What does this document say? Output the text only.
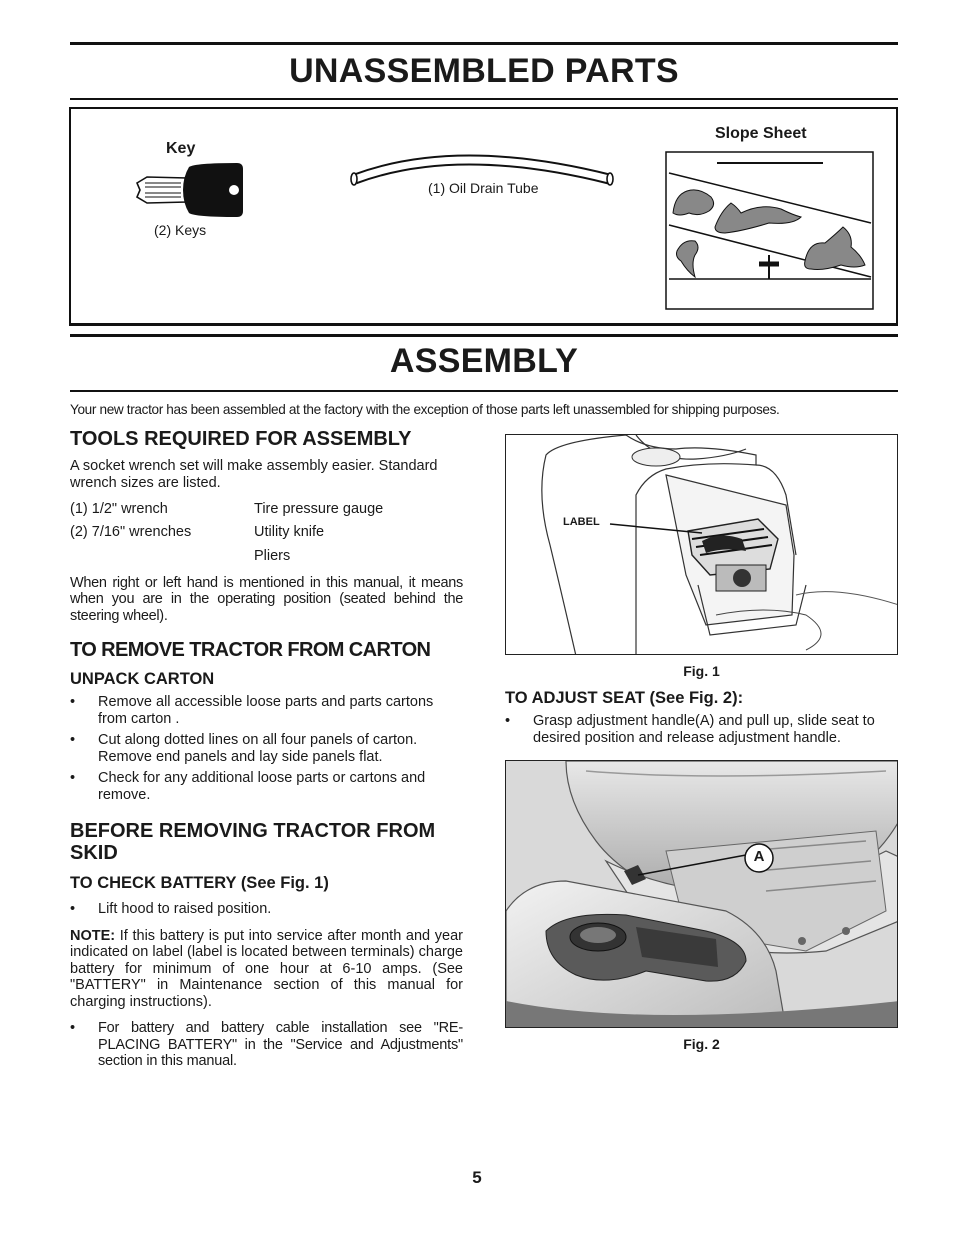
UNASSEMBLED PARTS
Key
(2) Keys
(1) Oil Drain Tube
Slope Sheet
ASSEMBLY
Your new tractor has been assembled at the factory with the exception of those parts left unassembled for shipping purposes.
TOOLS REQUIRED FOR ASSEMBLY
A socket wrench set will make assembly easier. Standard wrench sizes are listed.
(1) 1/2" wrench	Tire pressure gauge
(2) 7/16" wrenches	Utility knife
Pliers
When right or left hand is mentioned in this manual, it means when you are in the operating position (seated behind the steering wheel).
TO REMOVE TRACTOR FROM CARTON
UNPACK CARTON
• Remove all accessible loose parts and parts cartons from carton .
• Cut along dotted lines on all four panels of carton. Remove end panels and lay side panels flat.
• Check for any additional loose parts or cartons and remove.
BEFORE REMOVING TRACTOR FROM SKID
TO CHECK BATTERY (See Fig. 1)
• Lift hood to raised position.
NOTE: If this battery is put into service after month and year indicated on label (label is located between terminals) charge battery for minimum of one hour at 6-10 amps. (See "BATTERY" in Maintenance section of this manual for charging instructions).
• For battery and battery cable installation see "RE-PLACING BATTERY" in the "Service and Adjustments" section in this manual.
LABEL
Fig. 1
TO ADJUST SEAT (See Fig. 2):
• Grasp adjustment handle(A) and pull up, slide seat to desired position and release adjustment handle.
A
Fig. 2
5
